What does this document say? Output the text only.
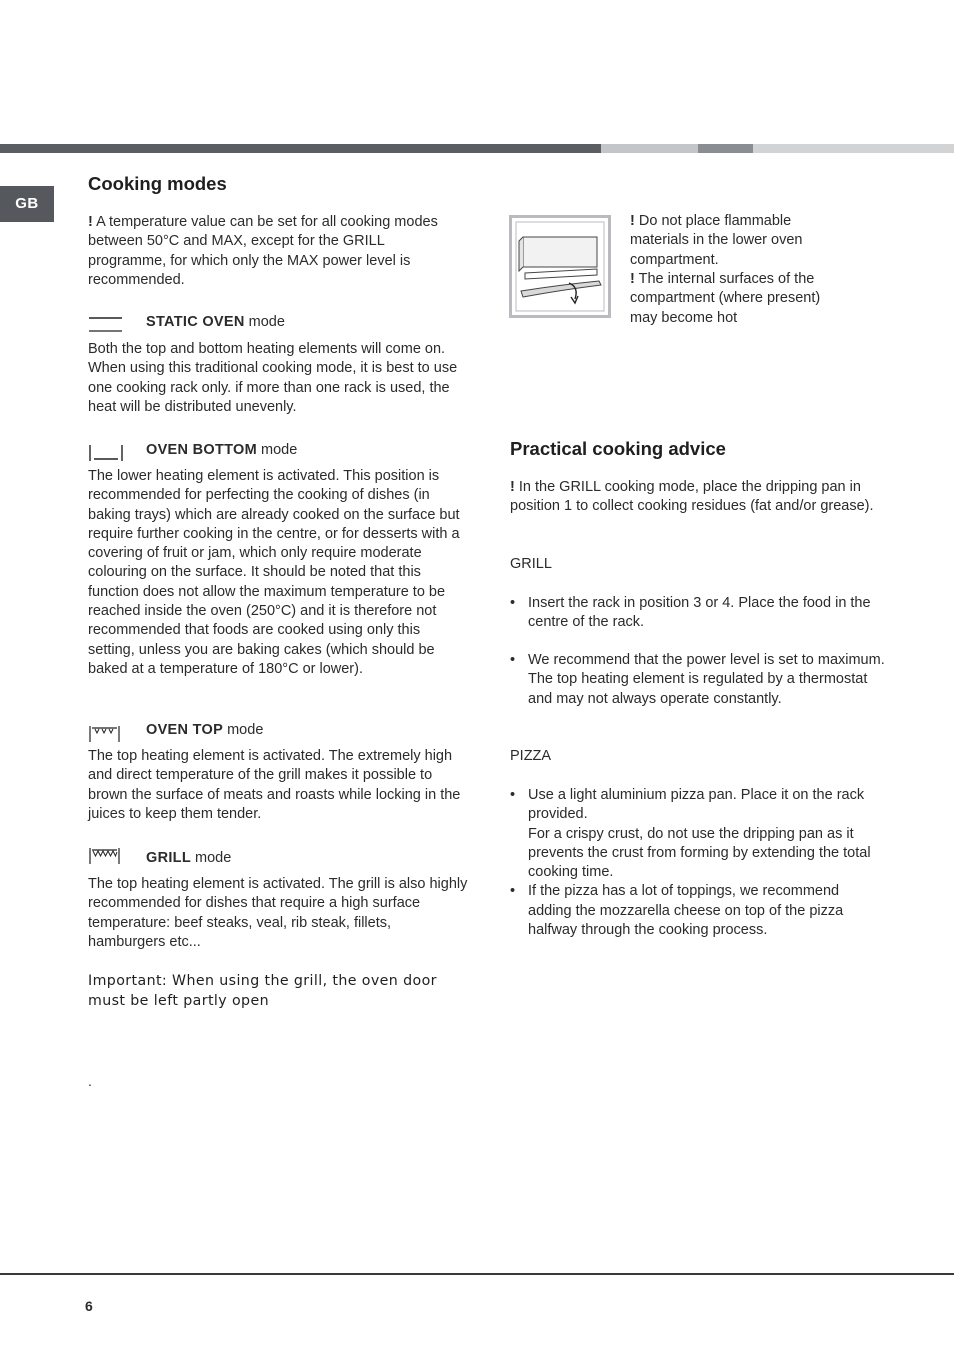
GB
Cooking modes

! A temperature value can be set for all cooking modes between 50°C and MAX, except for the GRILL programme, for which only the MAX power level is recommended.

STATIC OVEN mode

Both the top and bottom heating elements will come on. When using this traditional cooking mode, it is best to use one cooking rack only. if more than one rack is used, the heat will be distributed unevenly.

OVEN BOTTOM mode

The lower heating element is activated. This position is recommended for perfecting the cooking of dishes (in baking trays) which are already cooked on the surface but require further cooking in the centre, or for desserts with a covering of fruit or jam, which only require moderate colouring on the surface. It should be noted that this function does not allow the maximum temperature to be reached inside the oven (250°C) and it is therefore not recommended that foods are cooked using only this setting, unless you are baking cakes (which should be baked at a temperature of 180°C or lower).

OVEN TOP mode

The top heating element is activated. The extremely high and direct temperature of the grill makes it possible to brown the surface of meats and roasts while locking in the juices to keep them tender.

GRILL mode

The top heating element is activated. The grill is also highly recommended for dishes that require a high surface temperature: beef steaks, veal, rib steak, fillets, hamburgers etc...

Important: When using the grill, the oven door must be left partly open

.

! Do not place flammable materials in the lower oven compartment.

! The internal surfaces of the compartment (where present) may become hot

Practical cooking advice

! In the GRILL cooking mode, place the dripping pan in position 1 to collect cooking residues (fat and/or grease).

GRILL

• Insert the rack in position 3 or 4. Place the food in the centre of the rack.
• We recommend that the power level is set to maximum. The top heating element is regulated by a thermostat and may not always operate constantly.

PIZZA

• Use a light aluminium pizza pan. Place it on the rack provided.
For a crispy crust, do not use the dripping pan as it prevents the crust from forming by extending the total cooking time.
• If the pizza has a lot of toppings, we recommend adding the mozzarella cheese on top of the pizza halfway through the cooking process.
6
